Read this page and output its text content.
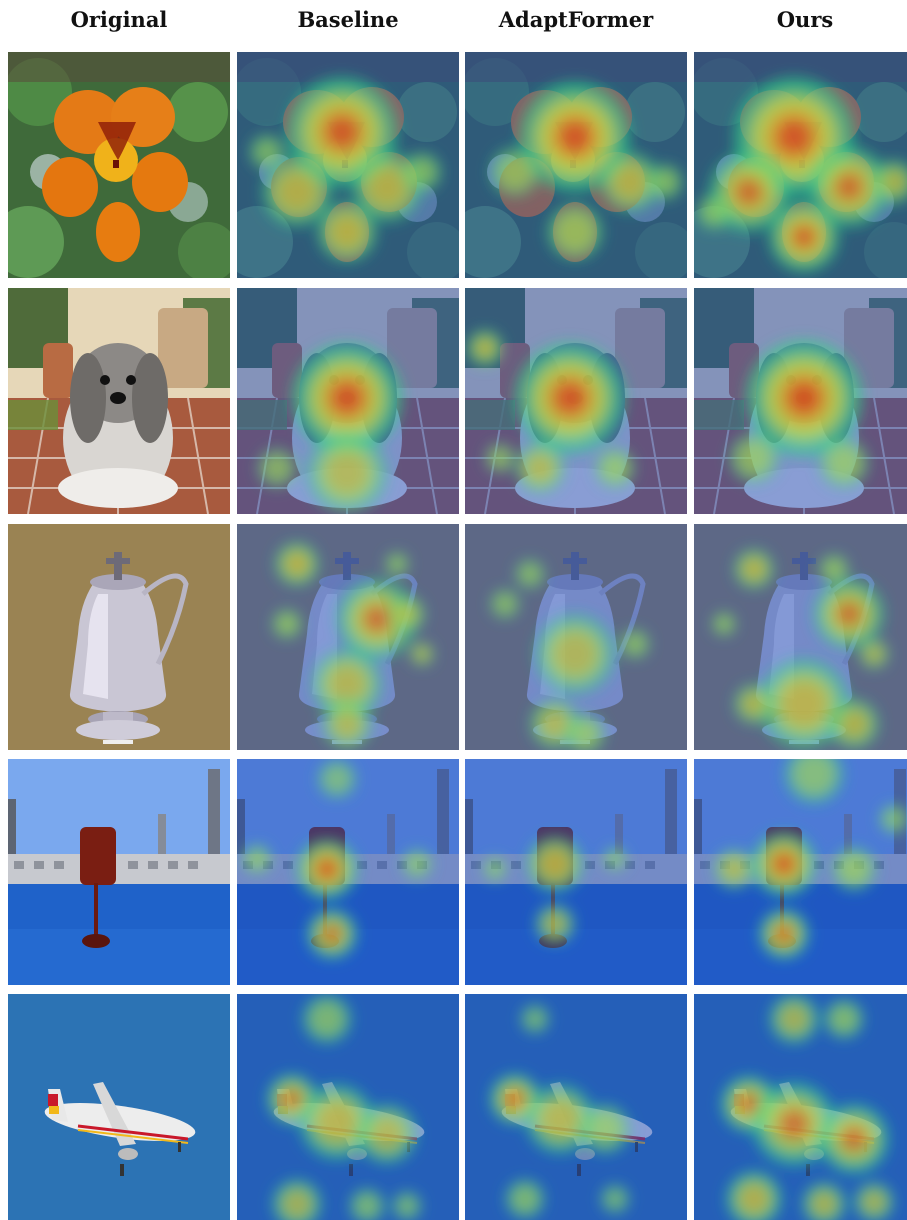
Original	Baseline	AdaptFormer	Ours
